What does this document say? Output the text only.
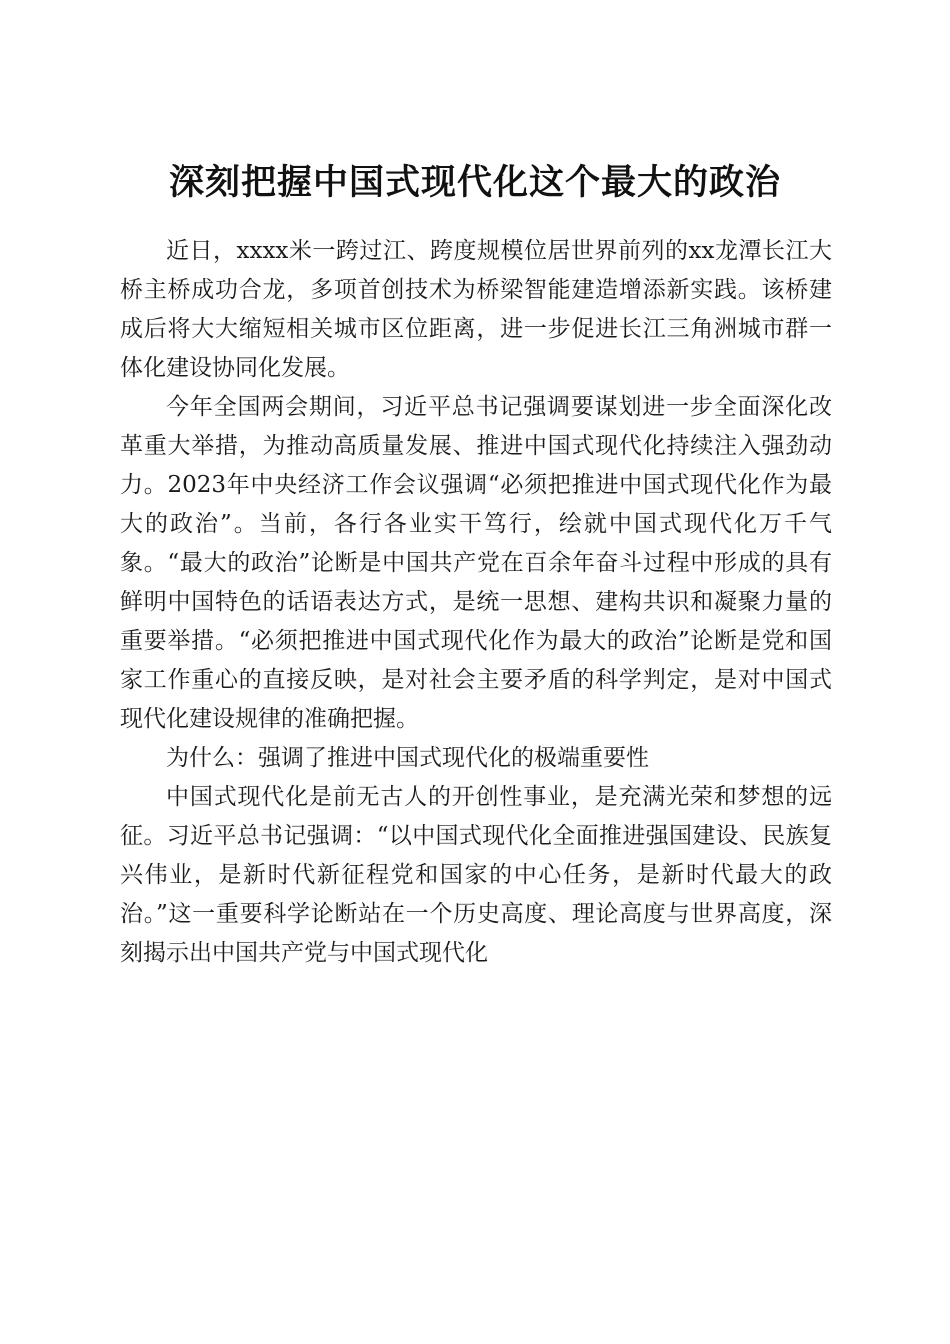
深刻把握中国式现代化这个最大的政治

近日，xxxx米一跨过江、跨度规模位居世界前列的xx龙潭长江大桥主桥成功合龙，多项首创技术为桥梁智能建造增添新实践。该桥建成后将大大缩短相关城市区位距离，进一步促进长江三角洲城市群一体化建设协同化发展。

今年全国两会期间，习近平总书记强调要谋划进一步全面深化改革重大举措，为推动高质量发展、推进中国式现代化持续注入强劲动力。2023年中央经济工作会议强调“必须把推进中国式现代化作为最大的政治”。当前，各行各业实干笃行，绘就中国式现代化万千气象。“最大的政治”论断是中国共产党在百余年奋斗过程中形成的具有鲜明中国特色的话语表达方式，是统一思想、建构共识和凝聚力量的重要举措。“必须把推进中国式现代化作为最大的政治”论断是党和国家工作重心的直接反映，是对社会主要矛盾的科学判定，是对中国式现代化建设规律的准确把握。

为什么：强调了推进中国式现代化的极端重要性

中国式现代化是前无古人的开创性事业，是充满光荣和梦想的远征。习近平总书记强调：“以中国式现代化全面推进强国建设、民族复兴伟业，是新时代新征程党和国家的中心任务，是新时代最大的政治。”这一重要科学论断站在一个历史高度、理论高度与世界高度，深刻揭示出中国共产党与中国式现代化
